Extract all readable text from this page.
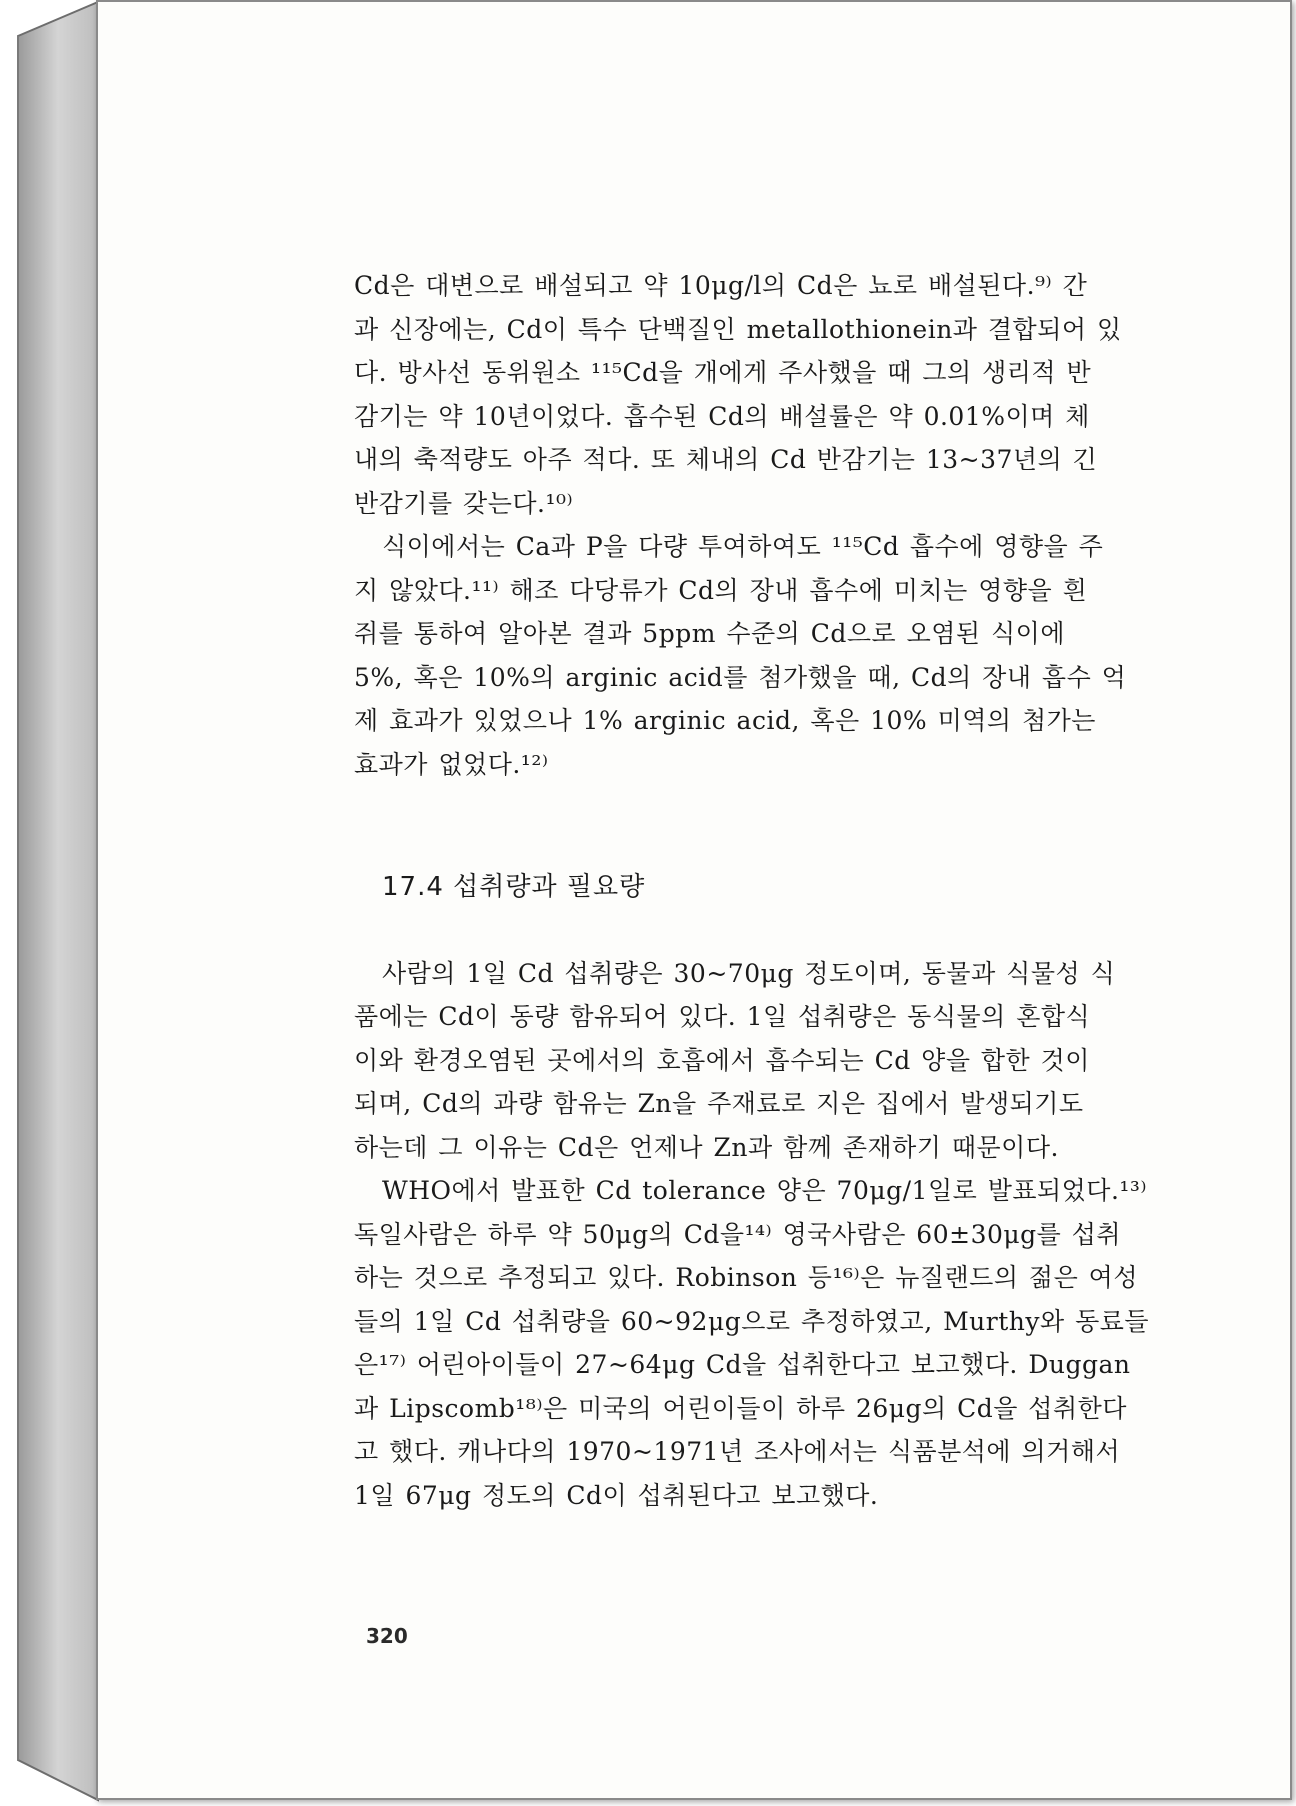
Cd은 대변으로 배설되고 약 10μg/l의 Cd은 뇨로 배설된다.⁹⁾ 간
과 신장에는, Cd이 특수 단백질인 metallothionein과 결합되어 있
다. 방사선 동위원소 ¹¹⁵Cd을 개에게 주사했을 때 그의 생리적 반
감기는 약 10년이었다. 흡수된 Cd의 배설률은 약 0.01%이며 체
내의 축적량도 아주 적다. 또 체내의 Cd 반감기는 13~37년의 긴
반감기를 갖는다.¹⁰⁾

식이에서는 Ca과 P을 다량 투여하여도 ¹¹⁵Cd 흡수에 영향을 주
지 않았다.¹¹⁾ 해조 다당류가 Cd의 장내 흡수에 미치는 영향을 흰
쥐를 통하여 알아본 결과 5ppm 수준의 Cd으로 오염된 식이에
5%, 혹은 10%의 arginic acid를 첨가했을 때, Cd의 장내 흡수 억
제 효과가 있었으나 1% arginic acid, 혹은 10% 미역의 첨가는
효과가 없었다.¹²⁾

17.4 섭취량과 필요량

사람의 1일 Cd 섭취량은 30~70μg 정도이며, 동물과 식물성 식
품에는 Cd이 동량 함유되어 있다. 1일 섭취량은 동식물의 혼합식
이와 환경오염된 곳에서의 호흡에서 흡수되는 Cd 양을 합한 것이
되며, Cd의 과량 함유는 Zn을 주재료로 지은 집에서 발생되기도
하는데 그 이유는 Cd은 언제나 Zn과 함께 존재하기 때문이다.

WHO에서 발표한 Cd tolerance 양은 70μg/1일로 발표되었다.¹³⁾
독일사람은 하루 약 50μg의 Cd을¹⁴⁾ 영국사람은 60±30μg를 섭취
하는 것으로 추정되고 있다. Robinson 등¹⁶⁾은 뉴질랜드의 젊은 여성
들의 1일 Cd 섭취량을 60~92μg으로 추정하였고, Murthy와 동료들
은¹⁷⁾ 어린아이들이 27~64μg Cd을 섭취한다고 보고했다. Duggan
과 Lipscomb¹⁸⁾은 미국의 어린이들이 하루 26μg의 Cd을 섭취한다
고 했다. 캐나다의 1970~1971년 조사에서는 식품분석에 의거해서
1일 67μg 정도의 Cd이 섭취된다고 보고했다.

320
